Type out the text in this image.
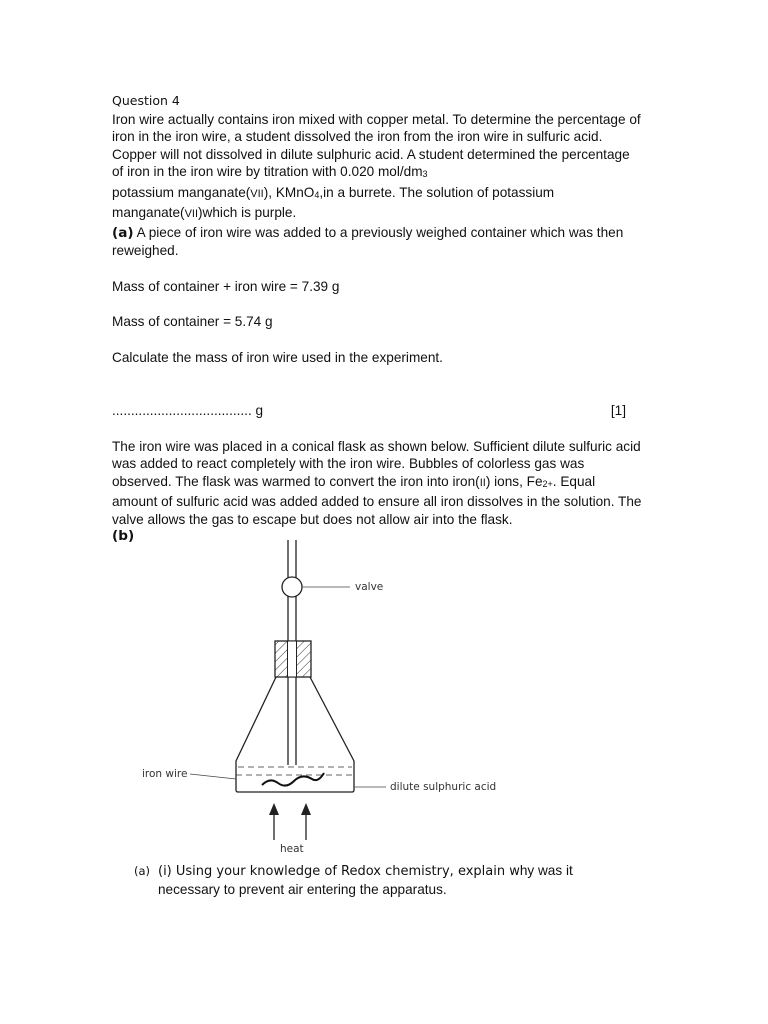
Question 4

Iron wire actually contains iron mixed with copper metal. To determine the percentage of

iron in the iron wire, a student dissolved the iron from the iron wire in sulfuric acid.

Copper will not dissolved in dilute sulphuric acid. A student determined the percentage

of iron in the iron wire by titration with 0.020 mol/$dm_3$

potassium manganate(VII), KMnO$_4$,in a burrete. The solution of potassium

manganate(VII)which is purple.

(a) A piece of iron wire was added to a previously weighed container which was then

reweighed.

Mass of container + iron wire = 7.39 g

Mass of container = 5.74 g

Calculate the mass of iron wire used in the experiment.

..................................... g	[1]

The iron wire was placed in a conical flask as shown below. Sufficient dilute sulfuric acid

was added to react completely with the iron wire. Bubbles of colorless gas was

observed. The flask was warmed to convert the iron into iron(II) ions, $Fe_{2+}$. Equal

amount of sulfuric acid was added added to ensure all iron dissolves in the solution. The

valve allows the gas to escape but does not allow air into the flask.

(b)

valve
iron wire
dilute sulphuric acid
heat
(a) (i) Using your knowledge of Redox chemistry, explain why was it
necessary to prevent air entering the apparatus.
